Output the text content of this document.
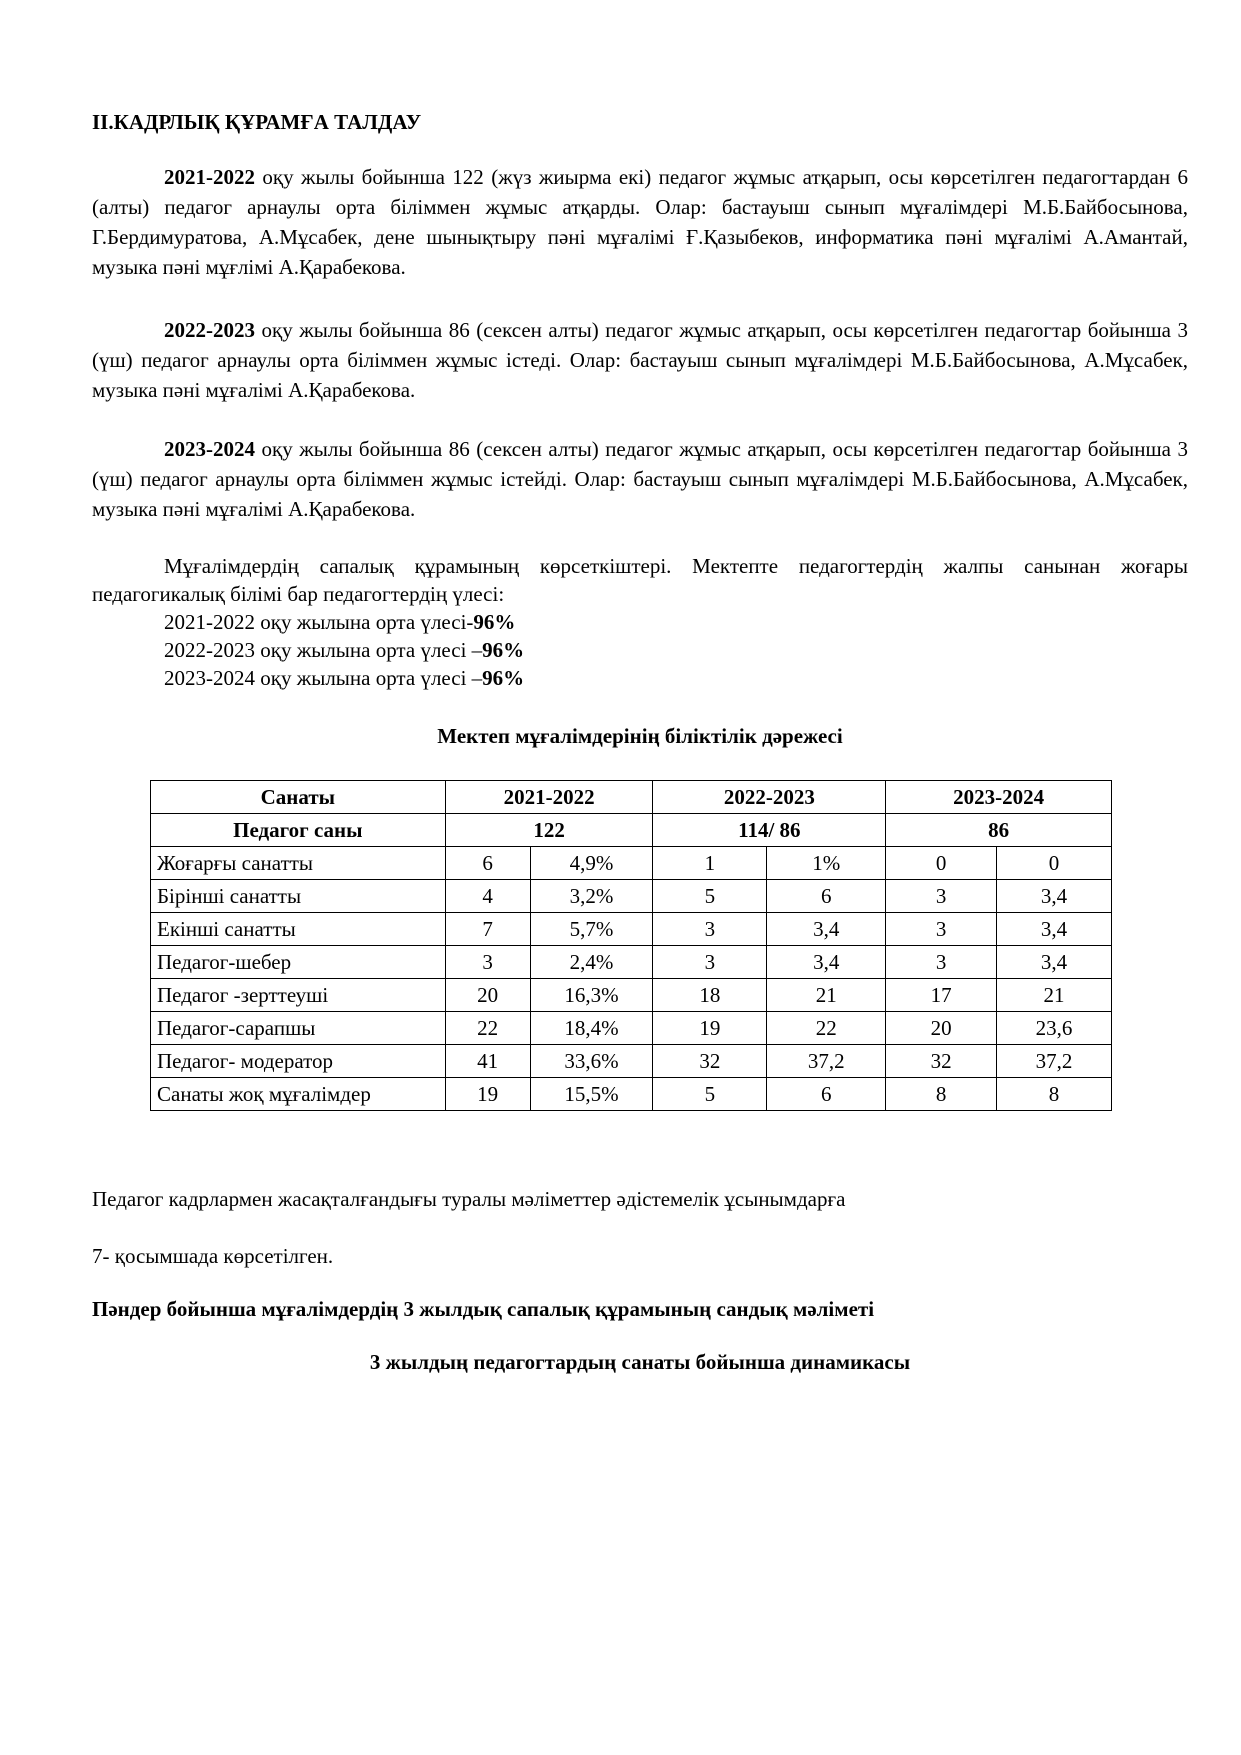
ІІ.КАДРЛЫҚ ҚҰРАМҒА ТАЛДАУ

2021-2022 оқу жылы бойынша 122 (жүз жиырма екі) педагог жұмыс атқарып, осы көрсетілген педагогтардан 6 (алты) педагог арнаулы орта біліммен жұмыс атқарды. Олар: бастауыш сынып мұғалімдері М.Б.Байбосынова, Г.Бердимуратова, А.Мұсабек, дене шынықтыру пәні мұғалімі Ғ.Қазыбеков, информатика пәні мұғалімі А.Амантай, музыка пәні мұғлімі А.Қарабекова.

2022-2023 оқу жылы бойынша 86 (сексен алты) педагог жұмыс атқарып, осы көрсетілген педагогтар бойынша 3 (үш) педагог арнаулы орта біліммен жұмыс істеді. Олар: бастауыш сынып мұғалімдері М.Б.Байбосынова, А.Мұсабек, музыка пәні мұғалімі А.Қарабекова.

2023-2024 оқу жылы бойынша 86 (сексен алты) педагог жұмыс атқарып, осы көрсетілген педагогтар бойынша 3 (үш) педагог арнаулы орта біліммен жұмыс істейді. Олар: бастауыш сынып мұғалімдері М.Б.Байбосынова, А.Мұсабек, музыка пәні мұғалімі А.Қарабекова.

Мұғалімдердің сапалық құрамының көрсеткіштері. Мектепте педагогтердің жалпы санынан жоғары педагогикалық білімі бар педагогтердің үлесі:

2021-2022 оқу жылына орта үлесі-96%
2022-2023 оқу жылына орта үлесі –96%
2023-2024 оқу жылына орта үлесі –96%
Мектеп мұғалімдерінің біліктілік дәрежесі
Санаты	2021-2022		2022-2023		2023-2024	
Педагог саны	122		114/ 86		86	
Жоғарғы санатты	6	4,9%	1	1%	0	0
Бірінші санатты	4	3,2%	5	6	3	3,4
Екінші санатты	7	5,7%	3	3,4	3	3,4
Педагог-шебер	3	2,4%	3	3,4	3	3,4
Педагог -зерттеуші	20	16,3%	18	21	17	21
Педагог-сарапшы	22	18,4%	19	22	20	23,6
Педагог- модератор	41	33,6%	32	37,2	32	37,2
Санаты жоқ мұғалімдер	19	15,5%	5	6	8	8
Педагог кадрлармен жасақталғандығы туралы мәліметтер әдістемелік ұсынымдарға
7- қосымшада көрсетілген.
Пәндер бойынша мұғалімдердің 3 жылдық сапалық құрамының сандық мәліметі
3 жылдың педагогтардың санаты бойынша динамикасы
